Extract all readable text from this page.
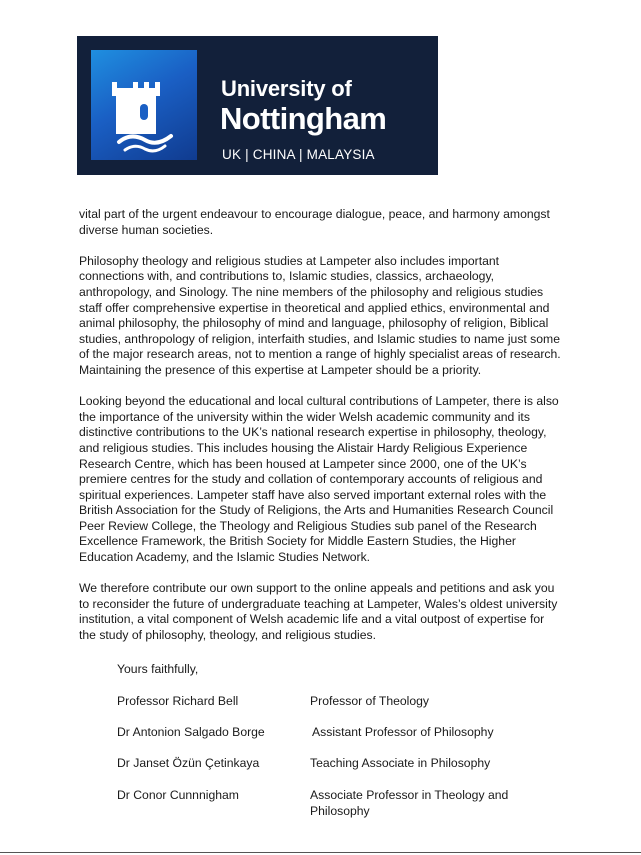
University of
Nottingham
UK | CHINA | MALAYSIA

vital part of the urgent endeavour to encourage dialogue, peace, and harmony amongst diverse human societies.

Philosophy theology and religious studies at Lampeter also includes important connections with, and contributions to, Islamic studies, classics, archaeology, anthropology, and Sinology. The nine members of the philosophy and religious studies staff offer comprehensive expertise in theoretical and applied ethics, environmental and animal philosophy, the philosophy of mind and language, philosophy of religion, Biblical studies, anthropology of religion, interfaith studies, and Islamic studies to name just some of the major research areas, not to mention a range of highly specialist areas of research. Maintaining the presence of this expertise at Lampeter should be a priority.

Looking beyond the educational and local cultural contributions of Lampeter, there is also the importance of the university within the wider Welsh academic community and its distinctive contributions to the UK’s national research expertise in philosophy, theology, and religious studies. This includes housing the Alistair Hardy Religious Experience Research Centre, which has been housed at Lampeter since 2000, one of the UK’s premiere centres for the study and collation of contemporary accounts of religious and spiritual experiences. Lampeter staff have also served important external roles with the British Association for the Study of Religions, the Arts and Humanities Research Council Peer Review College, the Theology and Religious Studies sub panel of the Research Excellence Framework, the British Society for Middle Eastern Studies, the Higher Education Academy, and the Islamic Studies Network.

We therefore contribute our own support to the online appeals and petitions and ask you to reconsider the future of undergraduate teaching at Lampeter, Wales’s oldest university institution, a vital component of Welsh academic life and a vital outpost of expertise for the study of philosophy, theology, and religious studies.

Yours faithfully,
Professor Richard Bell	Professor of Theology
Dr Antonion Salgado Borge	Assistant Professor of Philosophy
Dr Janset Özün Çetinkaya	Teaching Associate in Philosophy
Dr Conor Cunnnigham	Associate Professor in Theology and Philosophy
